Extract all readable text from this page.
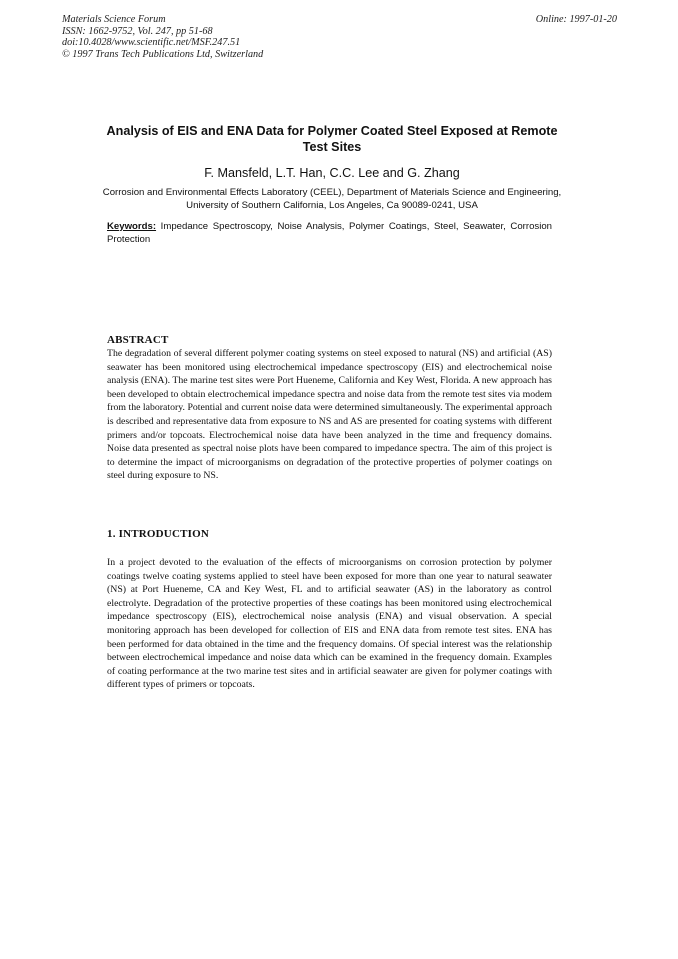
Materials Science Forum
ISSN: 1662-9752, Vol. 247, pp 51-68
doi:10.4028/www.scientific.net/MSF.247.51
© 1997 Trans Tech Publications Ltd, Switzerland
Online: 1997-01-20
Analysis of EIS and ENA Data for Polymer Coated Steel Exposed at Remote Test Sites
F. Mansfeld, L.T. Han, C.C. Lee and G. Zhang
Corrosion and Environmental Effects Laboratory (CEEL), Department of Materials Science and Engineering, University of Southern California, Los Angeles, Ca 90089-0241, USA
Keywords: Impedance Spectroscopy, Noise Analysis, Polymer Coatings, Steel, Seawater, Corrosion Protection
ABSTRACT

The degradation of several different polymer coating systems on steel exposed to natural (NS) and artificial (AS) seawater has been monitored using electrochemical impedance spectroscopy (EIS) and electrochemical noise analysis (ENA). The marine test sites were Port Hueneme, California and Key West, Florida. A new approach has been developed to obtain electrochemical impedance spectra and noise data from the remote test sites via modem from the laboratory. Potential and current noise data were determined simultaneously. The experimental approach is described and representative data from exposure to NS and AS are presented for coating systems with different primers and/or topcoats. Electrochemical noise data have been analyzed in the time and frequency domains. Noise data presented as spectral noise plots have been compared to impedance spectra. The aim of this project is to determine the impact of microorganisms on degradation of the protective properties of polymer coatings on steel during exposure to NS.

1. INTRODUCTION

In a project devoted to the evaluation of the effects of microorganisms on corrosion protection by polymer coatings twelve coating systems applied to steel have been exposed for more than one year to natural seawater (NS) at Port Hueneme, CA and Key West, FL and to artificial seawater (AS) in the laboratory as control electrolyte. Degradation of the protective properties of these coatings has been monitored using electrochemical impedance spectroscopy (EIS), electrochemical noise analysis (ENA) and visual observation. A special monitoring approach has been developed for collection of EIS and ENA data from remote test sites. ENA has been performed for data obtained in the time and the frequency domains. Of special interest was the relationship between electrochemical impedance and noise data which can be examined in the frequency domain. Examples of coating performance at the two marine test sites and in artificial seawater are given for polymer coatings with different types of primers or topcoats.
